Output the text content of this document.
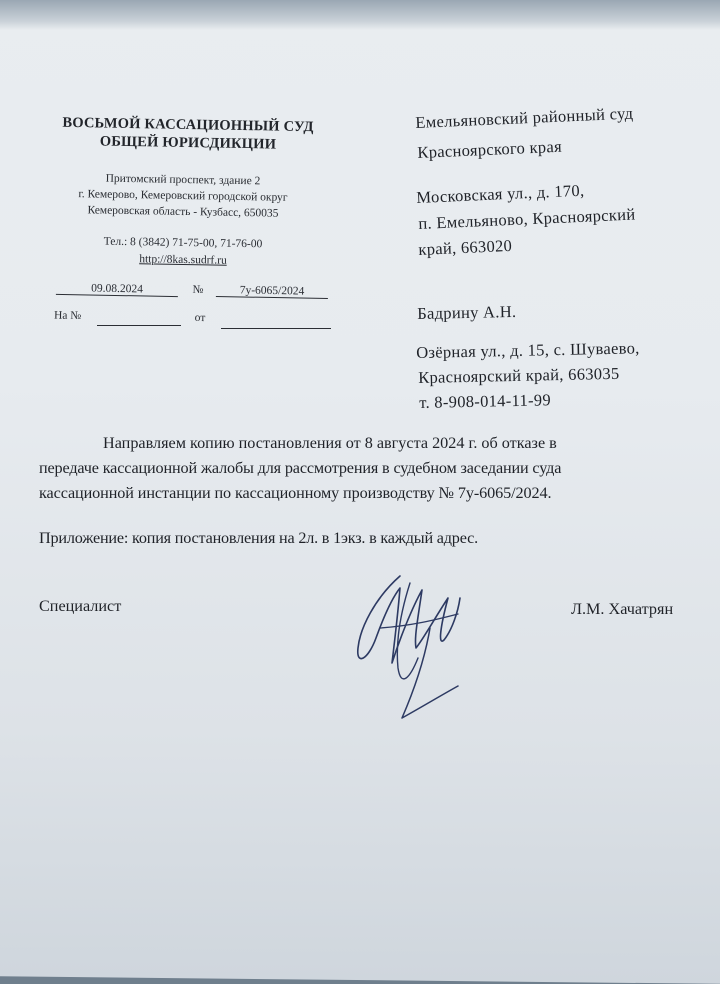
ВОСЬМОЙ КАССАЦИОННЫЙ СУД
ОБЩЕЙ ЮРИСДИКЦИИ
Притомский проспект, здание 2
г. Кемерово, Кемеровский городской округ
Кемеровская область - Кузбасс, 650035
Тел.: 8 (3842) 71-75-00, 71-76-00
http://8kas.sudrf.ru
09.08.2024	№	7у-6065/2024
На №	от
Емельяновский районный суд
Красноярского края
Московская ул., д. 170,
п. Емельяново, Красноярский
край, 663020
Бадрину А.Н.
Озёрная ул., д. 15, с. Шуваево,
Красноярский край, 663035
т. 8-908-014-11-99
Направляем копию постановления от 8 августа 2024 г. об отказе в
передаче кассационной жалобы для рассмотрения в судебном заседании суда
кассационной инстанции по кассационному производству № 7у-6065/2024.
Приложение: копия постановления на 2л. в 1экз. в каждый адрес.
Специалист	Л.М. Хачатрян
